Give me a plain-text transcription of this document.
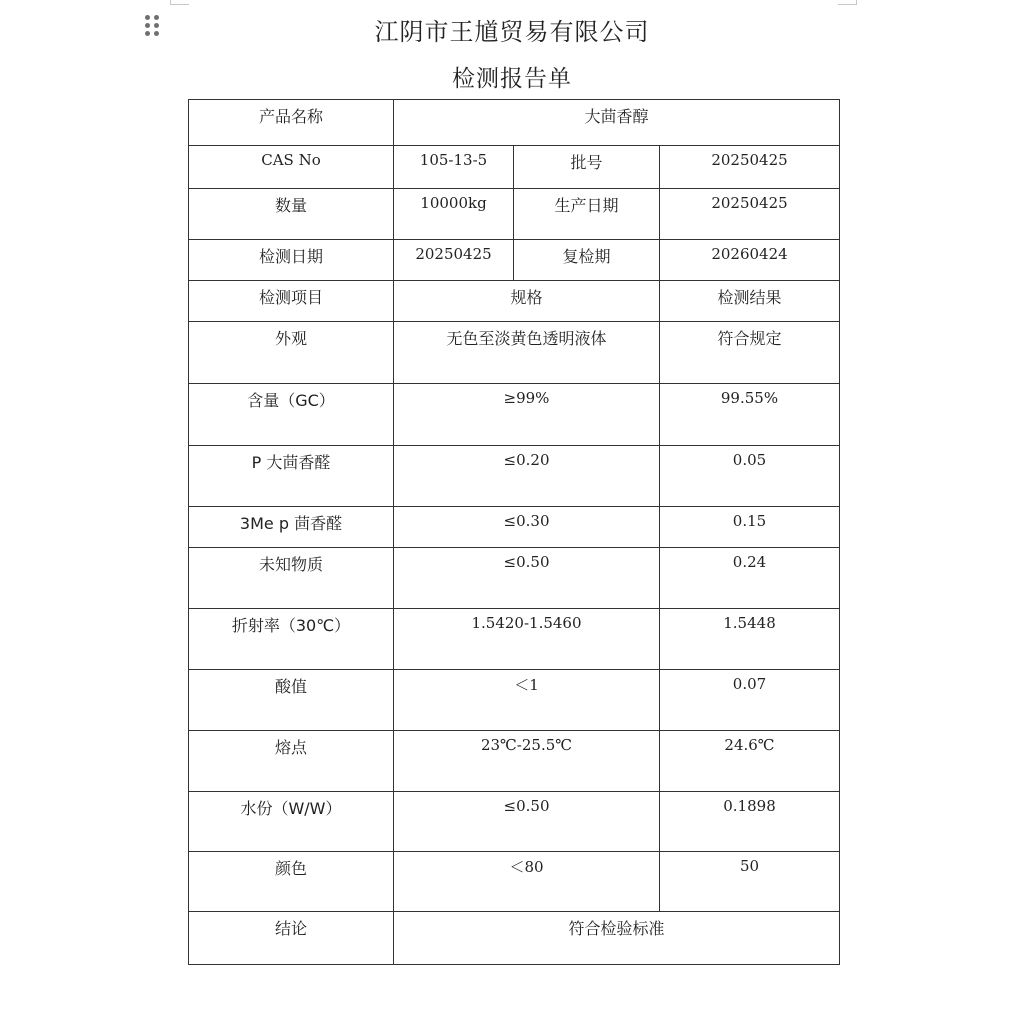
江阴市王馗贸易有限公司
检测报告单
产品名称	大茴香醇		
CAS No	105-13-5	批号	20250425
数量	10000kg	生产日期	20250425
检测日期	20250425	复检期	20260424
检测项目	规格		检测结果
外观	无色至淡黄色透明液体		符合规定
含量（GC）	≥99%		99.55%
P 大茴香醛	≤0.20		0.05
3Me p 茴香醛	≤0.30		0.15
未知物质	≤0.50		0.24
折射率（30℃）	1.5420-1.5460		1.5448
酸值	＜1		0.07
熔点	23℃-25.5℃		24.6℃
水份（W/W）	≤0.50		0.1898
颜色	＜80		50
结论	符合检验标准		
